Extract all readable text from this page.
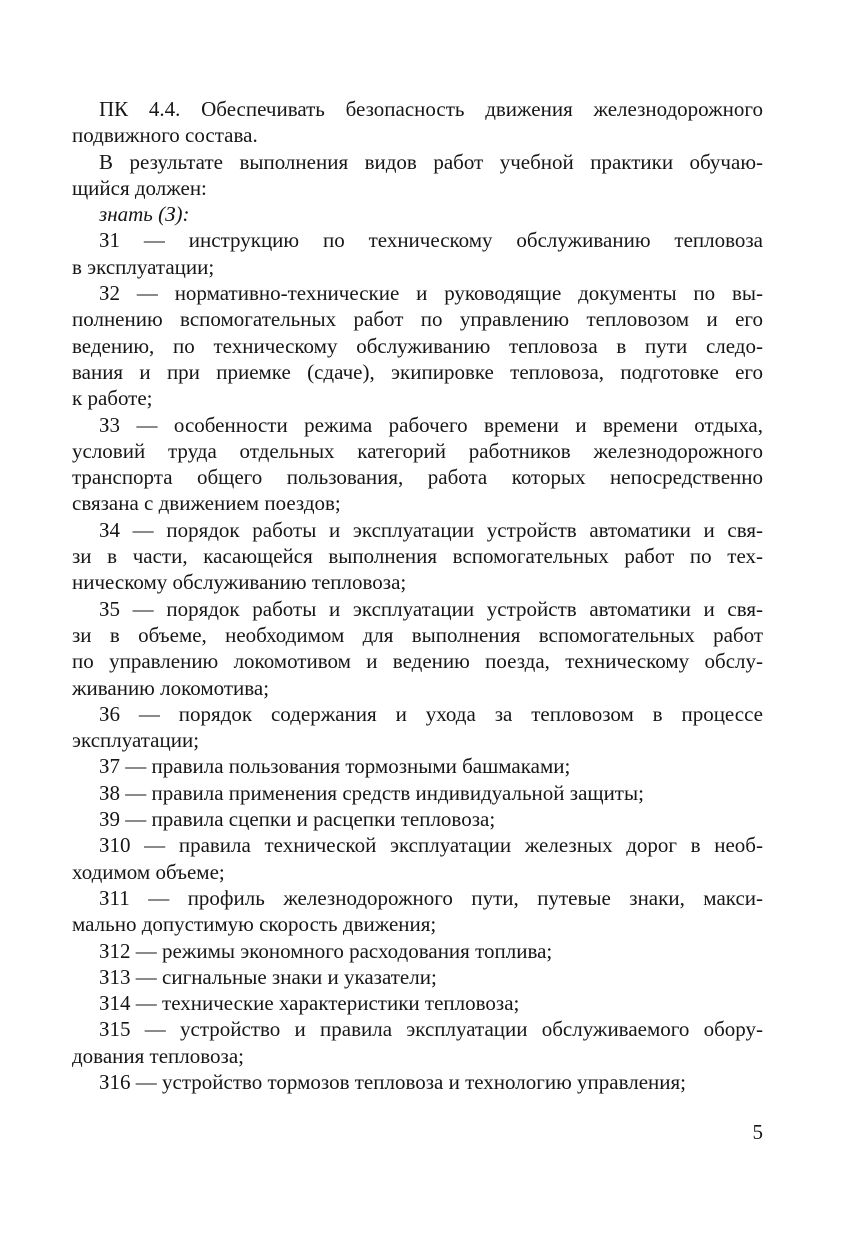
ПК 4.4. Обеспечивать безопасность движения железнодорожного
подвижного состава.
В результате выполнения видов работ учебной практики обучаю-
щийся должен:
знать (З):
З1 — инструкцию по техническому обслуживанию тепловоза
в эксплуатации;
З2 — нормативно-технические и руководящие документы по вы-
полнению вспомогательных работ по управлению тепловозом и его
ведению, по техническому обслуживанию тепловоза в пути следо-
вания и при приемке (сдаче), экипировке тепловоза, подготовке его
к работе;
З3 — особенности режима рабочего времени и времени отдыха,
условий труда отдельных категорий работников железнодорожного
транспорта общего пользования, работа которых непосредственно
связана с движением поездов;
З4 — порядок работы и эксплуатации устройств автоматики и свя-
зи в части, касающейся выполнения вспомогательных работ по тех-
ническому обслуживанию тепловоза;
З5 — порядок работы и эксплуатации устройств автоматики и свя-
зи в объеме, необходимом для выполнения вспомогательных работ
по управлению локомотивом и ведению поезда, техническому обслу-
живанию локомотива;
З6 — порядок содержания и ухода за тепловозом в процессе
эксплуатации;
З7 — правила пользования тормозными башмаками;
З8 — правила применения средств индивидуальной защиты;
З9 — правила сцепки и расцепки тепловоза;
З10 — правила технической эксплуатации железных дорог в необ-
ходимом объеме;
З11 — профиль железнодорожного пути, путевые знаки, макси-
мально допустимую скорость движения;
З12 — режимы экономного расходования топлива;
З13 — сигнальные знаки и указатели;
З14 — технические характеристики тепловоза;
З15 — устройство и правила эксплуатации обслуживаемого обору-
дования тепловоза;
З16 — устройство тормозов тепловоза и технологию управления;
5
